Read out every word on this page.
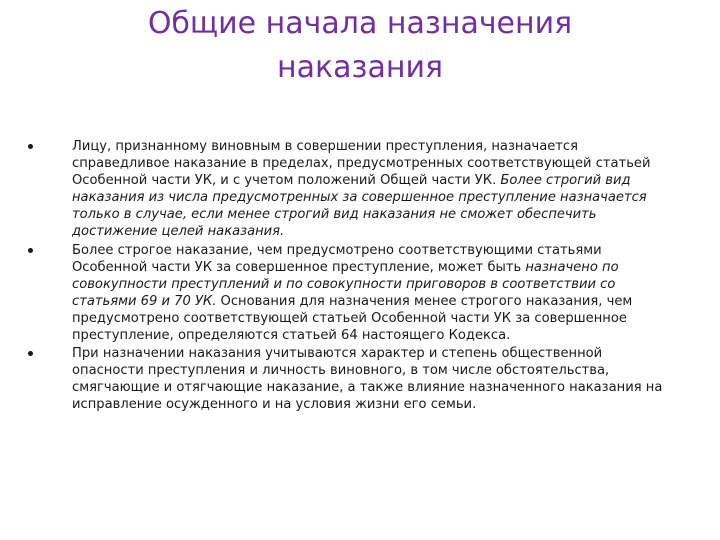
Общие начала назначения
наказания
Лицу, признанному виновным в совершении преступления, назначается справедливое наказание в пределах, предусмотренных соответствующей статьей Особенной части УК, и с учетом положений Общей части УК. Более строгий вид наказания из числа предусмотренных за совершенное преступление назначается только в случае, если менее строгий вид наказания не сможет обеспечить достижение целей наказания.
Более строгое наказание, чем предусмотрено соответствующими статьями Особенной части УК за совершенное преступление, может быть назначено по совокупности преступлений и по совокупности приговоров в соответствии со статьями 69 и 70 УК. Основания для назначения менее строгого наказания, чем предусмотрено соответствующей статьей Особенной части УК за совершенное преступление, определяются статьей 64 настоящего Кодекса.
При назначении наказания учитываются характер и степень общественной опасности преступления и личность виновного, в том числе обстоятельства, смягчающие и отягчающие наказание, а также влияние назначенного наказания на исправление осужденного и на условия жизни его семьи.
